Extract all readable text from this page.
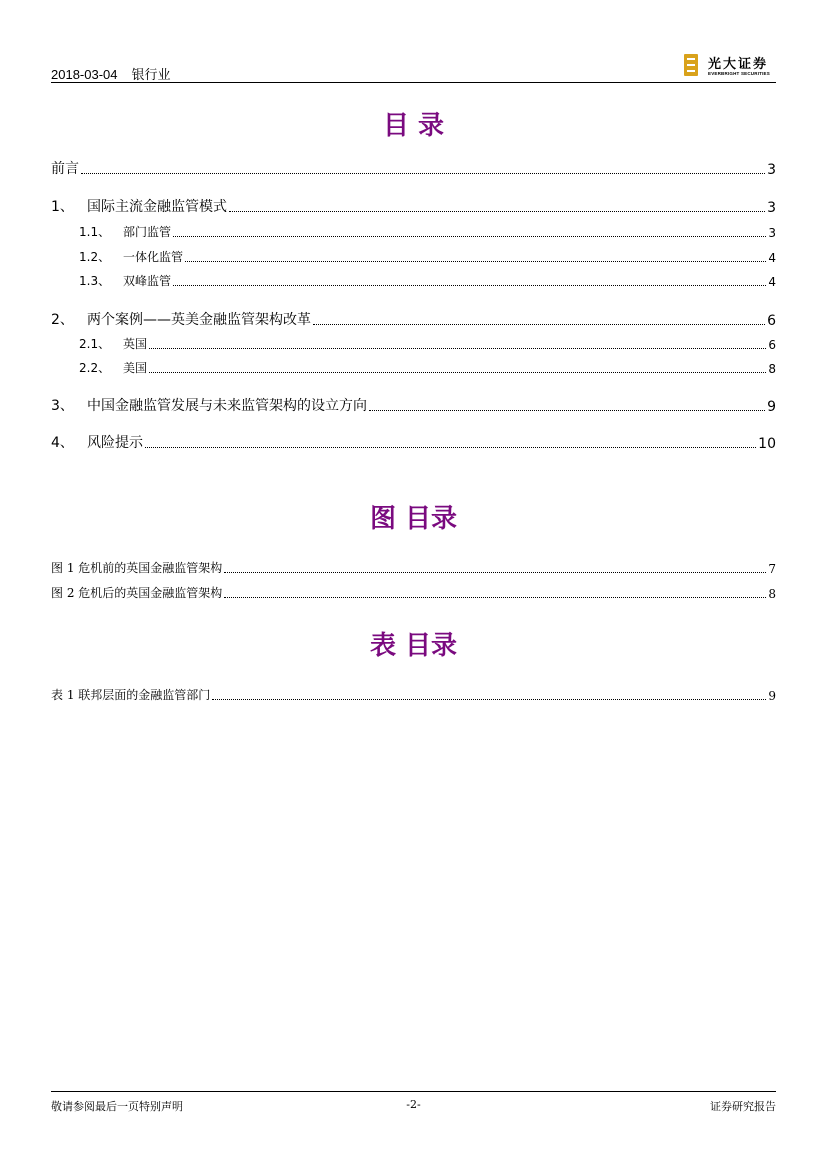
2018-03-04 银行业
光大证券
EVERBRIGHT SECURITIES
目 录
前言	3
1、 国际主流金融监管模式	3
1.1、	部门监管	3
1.2、	一体化监管	4
1.3、	双峰监管	4
2、 两个案例——英美金融监管架构改革	6
2.1、	英国	6
2.2、	美国	8
3、 中国金融监管发展与未来监管架构的设立方向	9
4、 风险提示	10
图 目录
图 1 危机前的英国金融监管架构	7
图 2 危机后的英国金融监管架构	8
表 目录
表 1 联邦层面的金融监管部门	9
敬请参阅最后一页特别声明	-2-	证券研究报告
